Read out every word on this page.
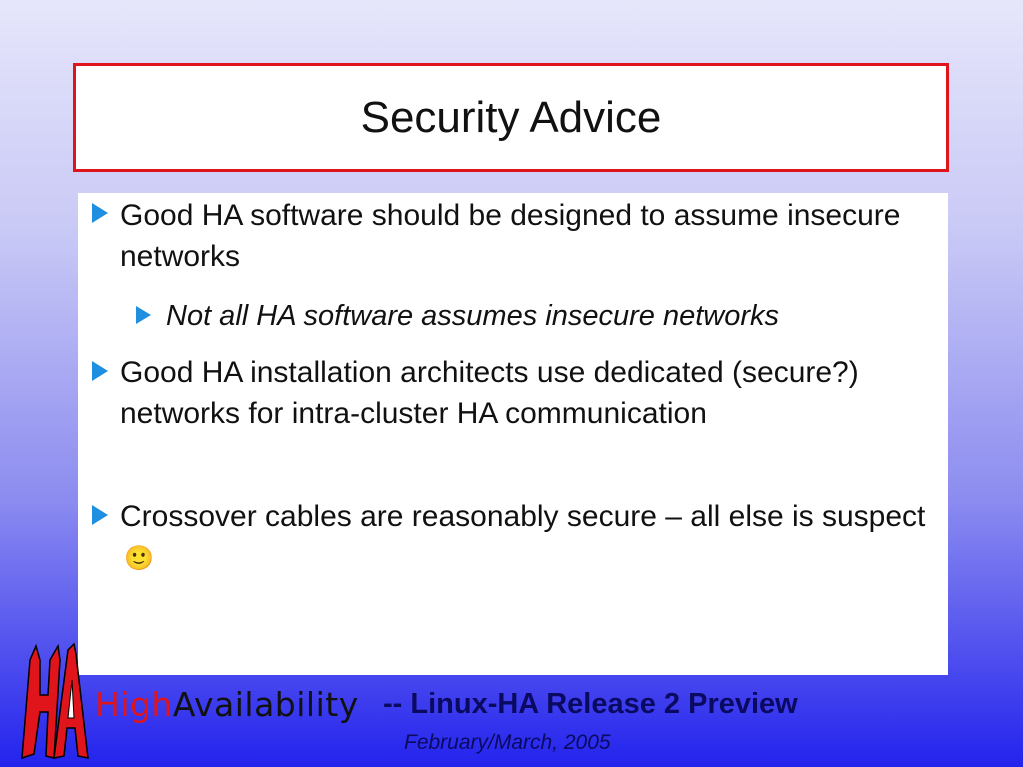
Security Advice
Good HA software should be designed to assume insecure networks
Not all HA software assumes insecure networks
Good HA installation architects use dedicated (secure?) networks for intra-cluster HA communication
Crossover cables are reasonably secure – all else is suspect🙂
HighAvailability -- Linux-HA Release 2 Preview
February/March, 2005
